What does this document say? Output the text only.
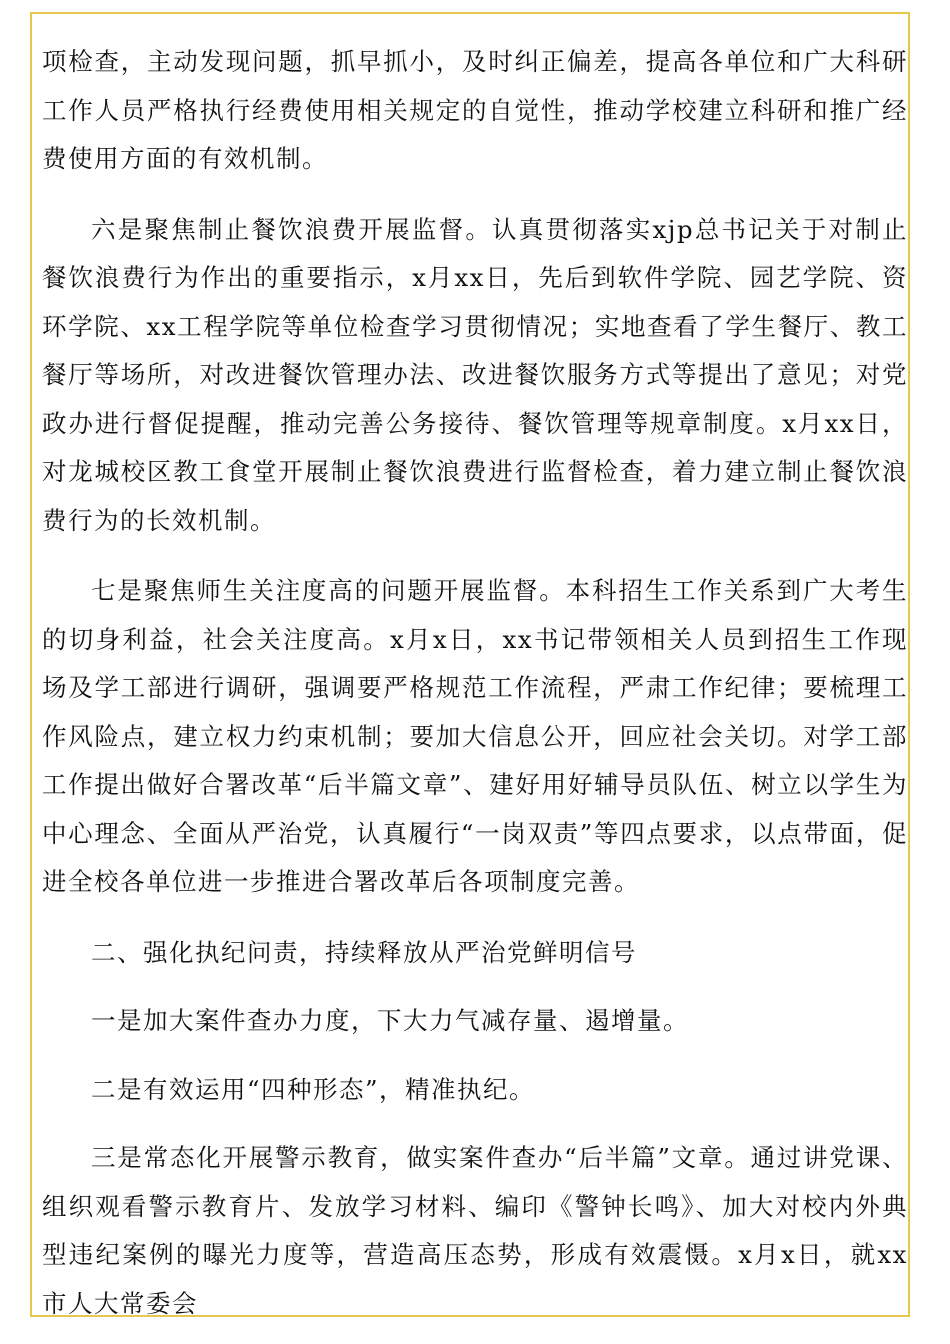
项检查，主动发现问题，抓早抓小，及时纠正偏差，提高各单位和广大科研工作人员严格执行经费使用相关规定的自觉性，推动学校建立科研和推广经费使用方面的有效机制。

六是聚焦制止餐饮浪费开展监督。认真贯彻落实xjp总书记关于对制止餐饮浪费行为作出的重要指示，x月xx日，先后到软件学院、园艺学院、资环学院、xx工程学院等单位检查学习贯彻情况；实地查看了学生餐厅、教工餐厅等场所，对改进餐饮管理办法、改进餐饮服务方式等提出了意见；对党政办进行督促提醒，推动完善公务接待、餐饮管理等规章制度。x月xx日，对龙城校区教工食堂开展制止餐饮浪费进行监督检查，着力建立制止餐饮浪费行为的长效机制。

七是聚焦师生关注度高的问题开展监督。本科招生工作关系到广大考生的切身利益，社会关注度高。x月x日，xx书记带领相关人员到招生工作现场及学工部进行调研，强调要严格规范工作流程，严肃工作纪律；要梳理工作风险点，建立权力约束机制；要加大信息公开，回应社会关切。对学工部工作提出做好合署改革“后半篇文章”、建好用好辅导员队伍、树立以学生为中心理念、全面从严治党，认真履行“一岗双责”等四点要求，以点带面，促进全校各单位进一步推进合署改革后各项制度完善。

二、强化执纪问责，持续释放从严治党鲜明信号

一是加大案件查办力度，下大力气减存量、遏增量。

二是有效运用“四种形态”，精准执纪。

三是常态化开展警示教育，做实案件查办“后半篇”文章。通过讲党课、组织观看警示教育片、发放学习材料、编印《警钟长鸣》、加大对校内外典型违纪案例的曝光力度等，营造高压态势，形成有效震慑。x月x日，就xx市人大常委会
